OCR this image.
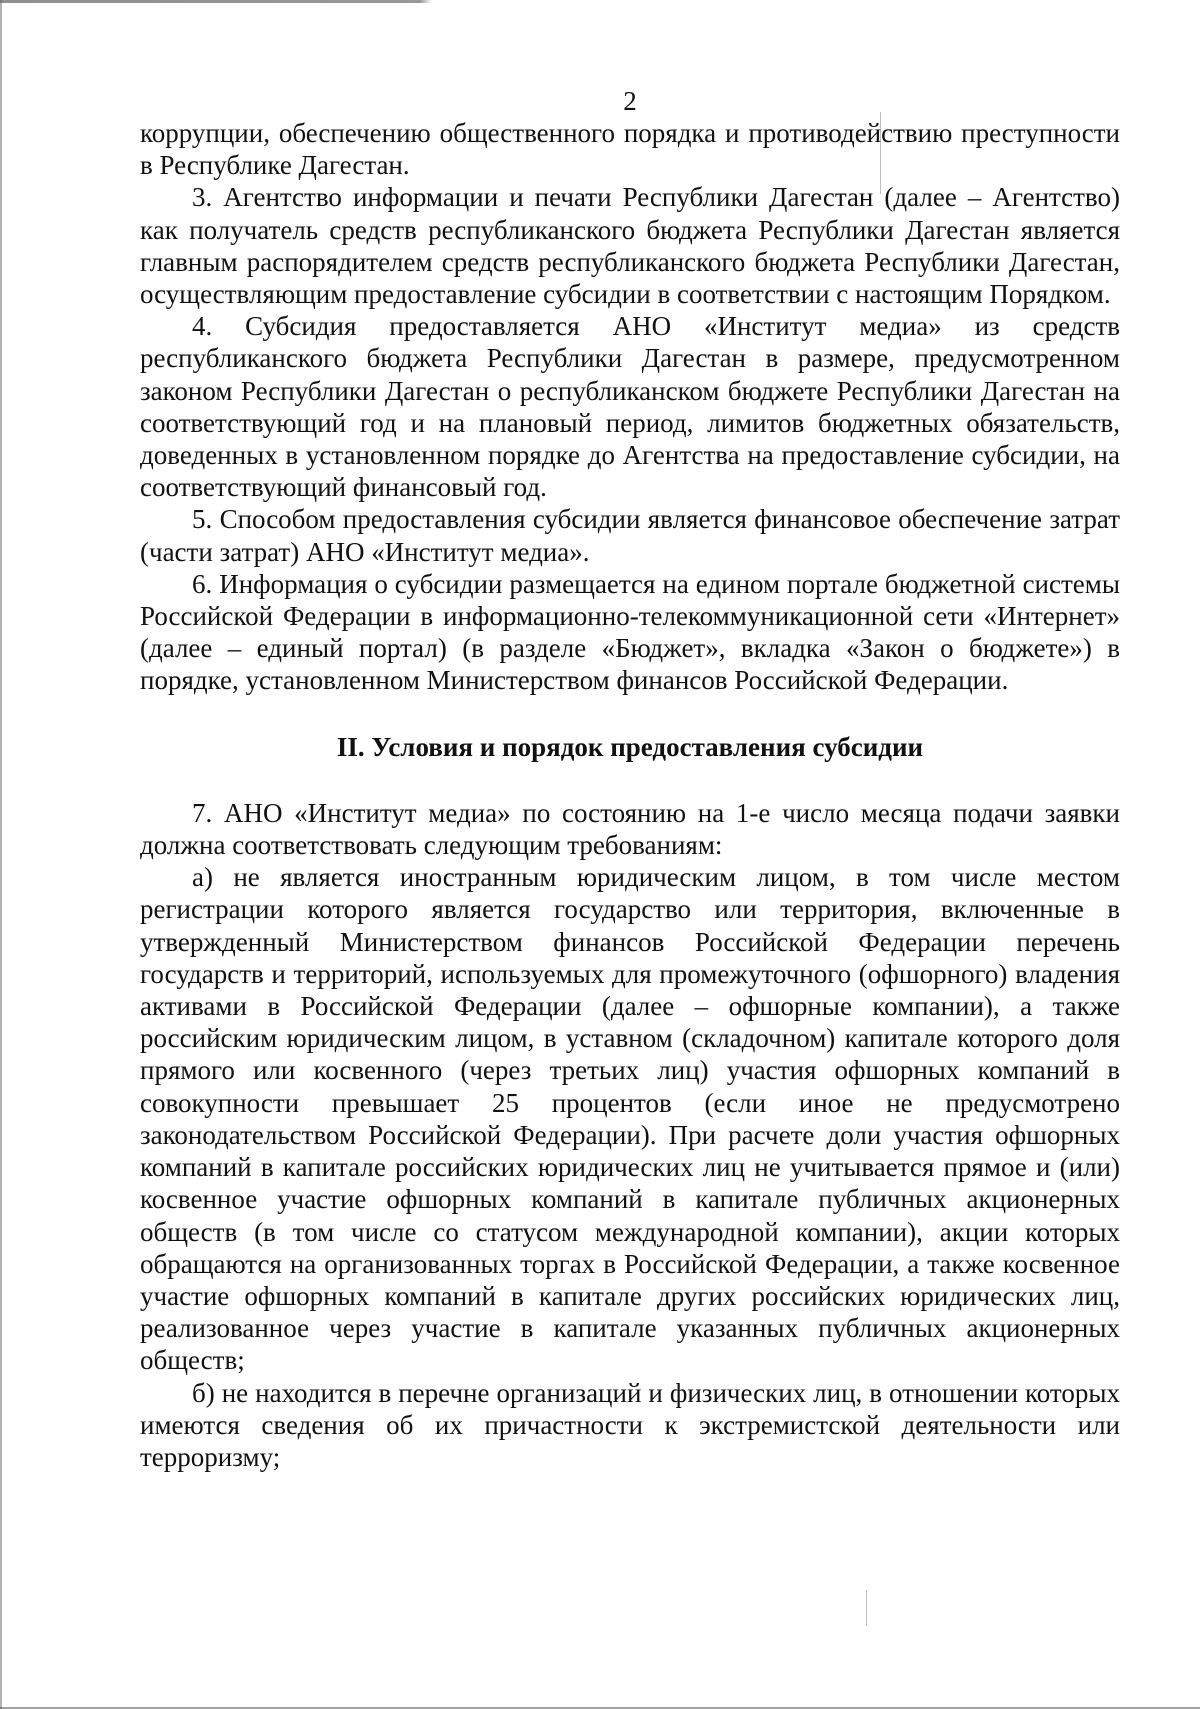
2

коррупции, обеспечению общественного порядка и противодействию преступности в Республике Дагестан.

3. Агентство информации и печати Республики Дагестан (далее – Агентство) как получатель средств республиканского бюджета Республики Дагестан является главным распорядителем средств республиканского бюджета Республики Дагестан, осуществляющим предоставление субсидии в соответствии с настоящим Порядком.

4. Субсидия предоставляется АНО «Институт медиа» из средств республиканского бюджета Республики Дагестан в размере, предусмотренном законом Республики Дагестан о республиканском бюджете Республики Дагестан на соответствующий год и на плановый период, лимитов бюджетных обязательств, доведенных в установленном порядке до Агентства на предоставление субсидии, на соответствующий финансовый год.

5. Способом предоставления субсидии является финансовое обеспечение затрат (части затрат) АНО «Институт медиа».

6. Информация о субсидии размещается на едином портале бюджетной системы Российской Федерации в информационно-телекоммуникационной сети «Интернет» (далее – единый портал) (в разделе «Бюджет», вкладка «Закон о бюджете») в порядке, установленном Министерством финансов Российской Федерации.

II. Условия и порядок предоставления субсидии

7. АНО «Институт медиа» по состоянию на 1-е число месяца подачи заявки должна соответствовать следующим требованиям:

а) не является иностранным юридическим лицом, в том числе местом регистрации которого является государство или территория, включенные в утвержденный Министерством финансов Российской Федерации перечень государств и территорий, используемых для промежуточного (офшорного) владения активами в Российской Федерации (далее – офшорные компании), а также российским юридическим лицом, в уставном (складочном) капитале которого доля прямого или косвенного (через третьих лиц) участия офшорных компаний в совокупности превышает 25 процентов (если иное не предусмотрено законодательством Российской Федерации). При расчете доли участия офшорных компаний в капитале российских юридических лиц не учитывается прямое и (или) косвенное участие офшорных компаний в капитале публичных акционерных обществ (в том числе со статусом международной компании), акции которых обращаются на организованных торгах в Российской Федерации, а также косвенное участие офшорных компаний в капитале других российских юридических лиц, реализованное через участие в капитале указанных публичных акционерных обществ;

б) не находится в перечне организаций и физических лиц, в отношении которых имеются сведения об их причастности к экстремистской деятельности или терроризму;
